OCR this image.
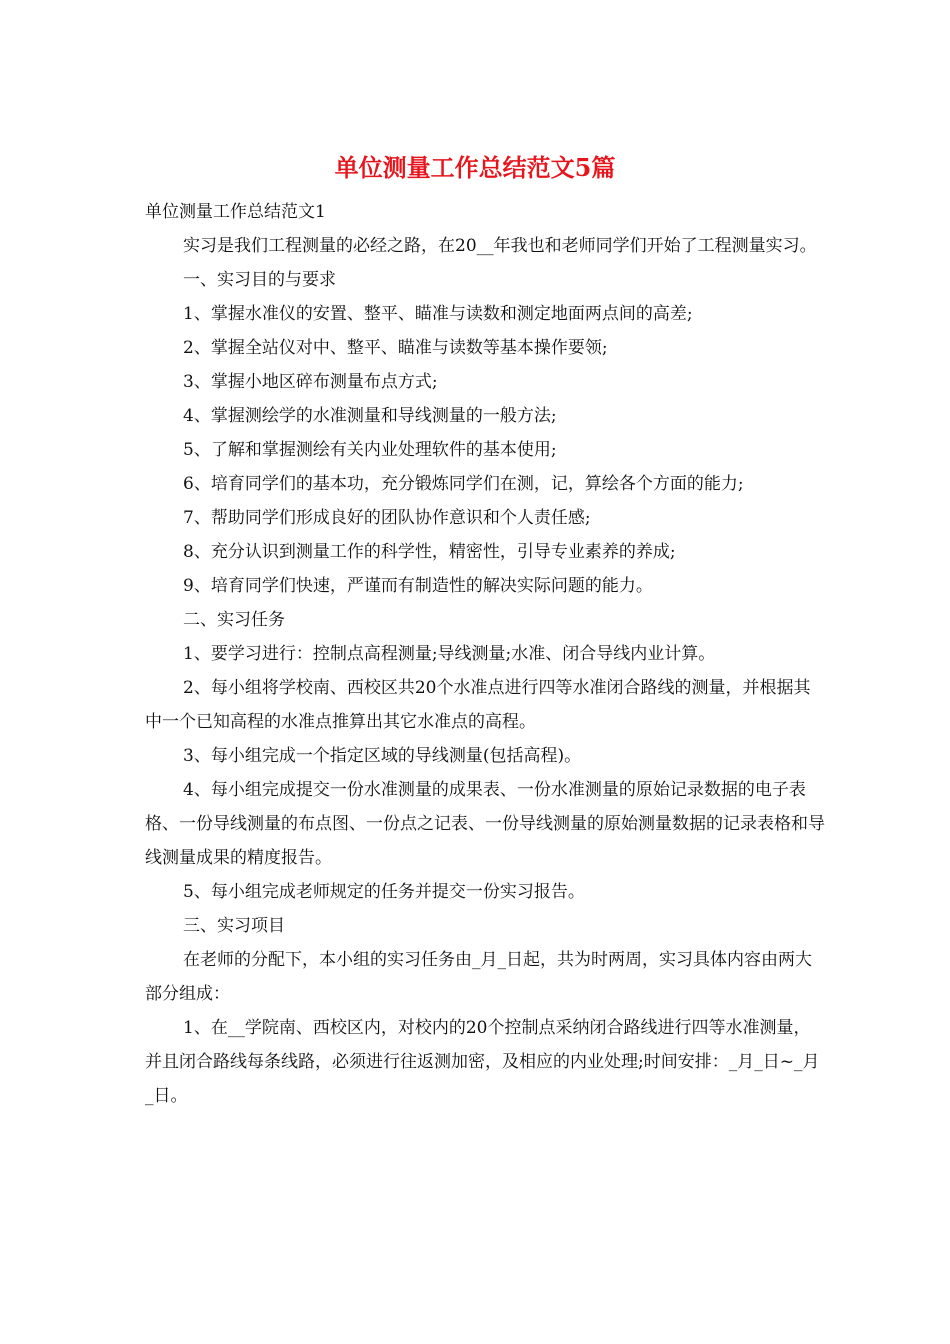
单位测量工作总结范文5篇

单位测量工作总结范文1

实习是我们工程测量的必经之路，在20__年我也和老师同学们开始了工程测量实习。

一、实习目的与要求

1、掌握水准仪的安置、整平、瞄准与读数和测定地面两点间的高差;

2、掌握全站仪对中、整平、瞄准与读数等基本操作要领;

3、掌握小地区碎布测量布点方式;

4、掌握测绘学的水准测量和导线测量的一般方法;

5、了解和掌握测绘有关内业处理软件的基本使用;

6、培育同学们的基本功，充分锻炼同学们在测，记，算绘各个方面的能力;

7、帮助同学们形成良好的团队协作意识和个人责任感;

8、充分认识到测量工作的科学性，精密性，引导专业素养的养成;

9、培育同学们快速，严谨而有制造性的解决实际问题的能力。

二、实习任务

1、要学习进行：控制点高程测量;导线测量;水准、闭合导线内业计算。

2、每小组将学校南、西校区共20个水准点进行四等水准闭合路线的测量，并根据其中一个已知高程的水准点推算出其它水准点的高程。

3、每小组完成一个指定区域的导线测量(包括高程)。

4、每小组完成提交一份水准测量的成果表、一份水准测量的原始记录数据的电子表格、一份导线测量的布点图、一份点之记表、一份导线测量的原始测量数据的记录表格和导线测量成果的精度报告。

5、每小组完成老师规定的任务并提交一份实习报告。

三、实习项目

在老师的分配下，本小组的实习任务由_月_日起，共为时两周，实习具体内容由两大部分组成：

1、在__学院南、西校区内，对校内的20个控制点采纳闭合路线进行四等水准测量，并且闭合路线每条线路，必须进行往返测加密，及相应的内业处理;时间安排：_月_日~_月_日。
